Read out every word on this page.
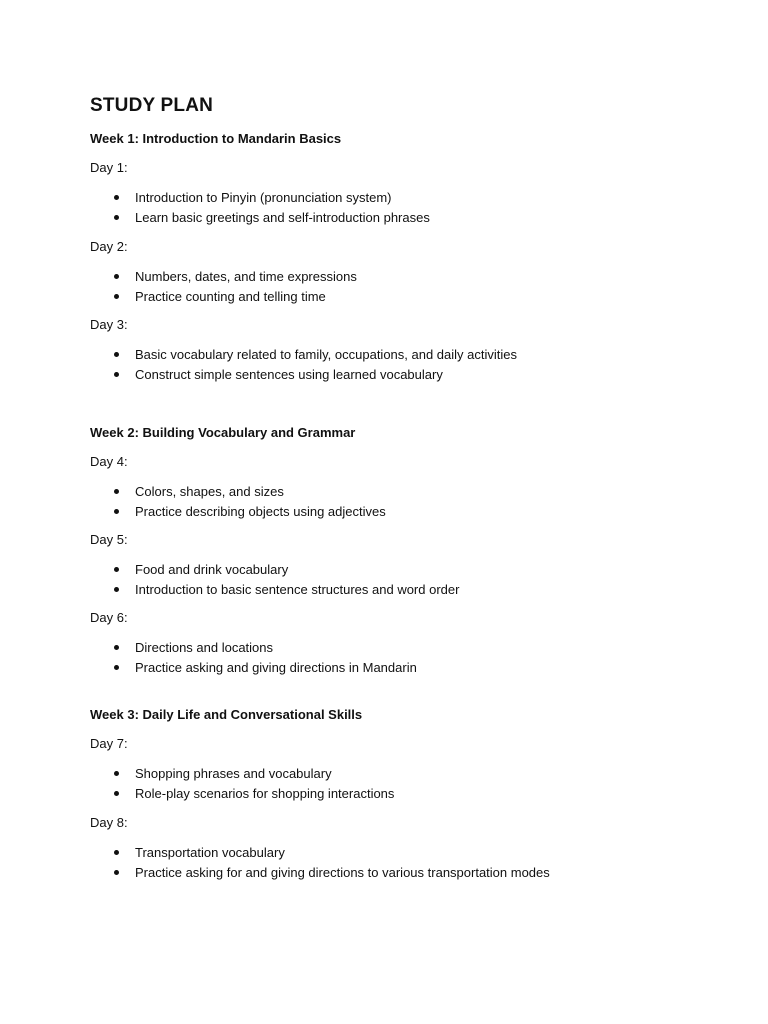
STUDY PLAN
Week 1: Introduction to Mandarin Basics
Day 1:
Introduction to Pinyin (pronunciation system)
Learn basic greetings and self-introduction phrases
Day 2:
Numbers, dates, and time expressions
Practice counting and telling time
Day 3:
Basic vocabulary related to family, occupations, and daily activities
Construct simple sentences using learned vocabulary
Week 2: Building Vocabulary and Grammar
Day 4:
Colors, shapes, and sizes
Practice describing objects using adjectives
Day 5:
Food and drink vocabulary
Introduction to basic sentence structures and word order
Day 6:
Directions and locations
Practice asking and giving directions in Mandarin
Week 3: Daily Life and Conversational Skills
Day 7:
Shopping phrases and vocabulary
Role-play scenarios for shopping interactions
Day 8:
Transportation vocabulary
Practice asking for and giving directions to various transportation modes
